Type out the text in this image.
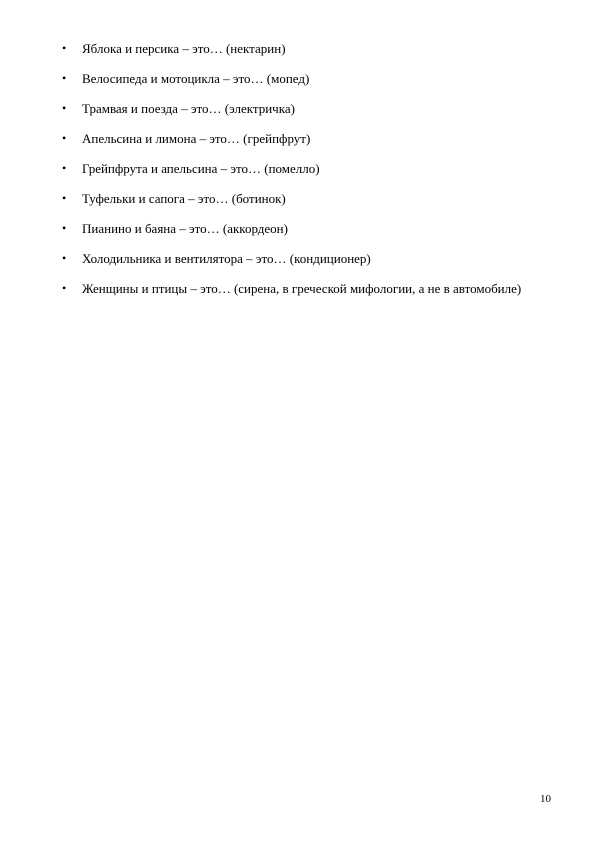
• Яблока и персика – это… (нектарин)
• Велосипеда и мотоцикла – это… (мопед)
• Трамвая и поезда – это… (электричка)
• Апельсина и лимона – это… (грейпфрут)
• Грейпфрута и апельсина – это… (помелло)
• Туфельки и сапога – это… (ботинок)
• Пианино и баяна – это… (аккордеон)
• Холодильника и вентилятора – это… (кондиционер)
• Женщины и птицы – это… (сирена, в греческой мифологии, а не в автомобиле)
10
